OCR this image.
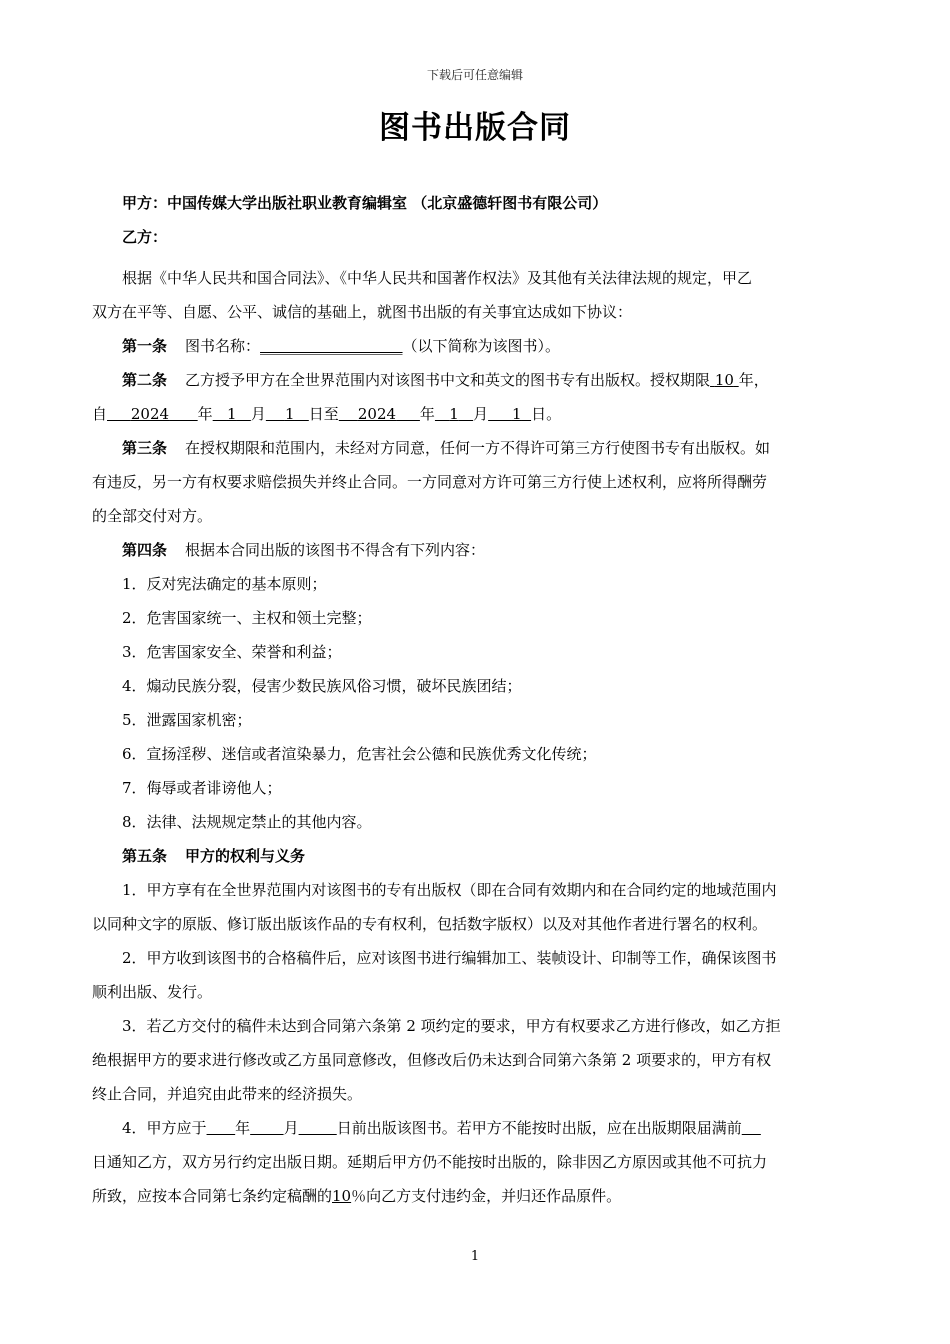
下载后可任意编辑
图书出版合同
甲方：中国传媒大学出版社职业教育编辑室 （北京盛德轩图书有限公司）
乙方：
根据《中华人民共和国合同法》、《中华人民共和国著作权法》及其他有关法律法规的规定，甲乙
双方在平等、自愿、公平、诚信的基础上，就图书出版的有关事宜达成如下协议：
第一条 图书名称：___________________（以下简称为该图书）。
第二条 乙方授予甲方在全世界范围内对该图书中文和英文的图书专有出版权。授权期限 10 年，
自 2024 年 1 月 1 日至 2024 年 1 月 1 日。
第三条 在授权期限和范围内，未经对方同意，任何一方不得许可第三方行使图书专有出版权。如
有违反，另一方有权要求赔偿损失并终止合同。一方同意对方许可第三方行使上述权利，应将所得酬劳
的全部交付对方。
第四条 根据本合同出版的该图书不得含有下列内容：
1．反对宪法确定的基本原则；
2．危害国家统一、主权和领土完整；
3．危害国家安全、荣誉和利益；
4．煽动民族分裂，侵害少数民族风俗习惯，破坏民族团结；
5．泄露国家机密；
6．宣扬淫秽、迷信或者渲染暴力，危害社会公德和民族优秀文化传统；
7．侮辱或者诽谤他人；
8．法律、法规规定禁止的其他内容。
第五条 甲方的权利与义务
1．甲方享有在全世界范围内对该图书的专有出版权（即在合同有效期内和在合同约定的地域范围内
以同种文字的原版、修订版出版该作品的专有权利，包括数字版权）以及对其他作者进行署名的权利。
2．甲方收到该图书的合格稿件后，应对该图书进行编辑加工、装帧设计、印制等工作，确保该图书
顺利出版、发行。
3．若乙方交付的稿件未达到合同第六条第 2 项约定的要求，甲方有权要求乙方进行修改，如乙方拒
绝根据甲方的要求进行修改或乙方虽同意修改，但修改后仍未达到合同第六条第 2 项要求的，甲方有权
终止合同，并追究由此带来的经济损失。
4．甲方应于 年 月	日前出版该图书。若甲方不能按时出版，应在出版期限届满前
日通知乙方，双方另行约定出版日期。延期后甲方仍不能按时出版的，除非因乙方原因或其他不可抗力
所致，应按本合同第七条约定稿酬的10％向乙方支付违约金，并归还作品原件。
1
